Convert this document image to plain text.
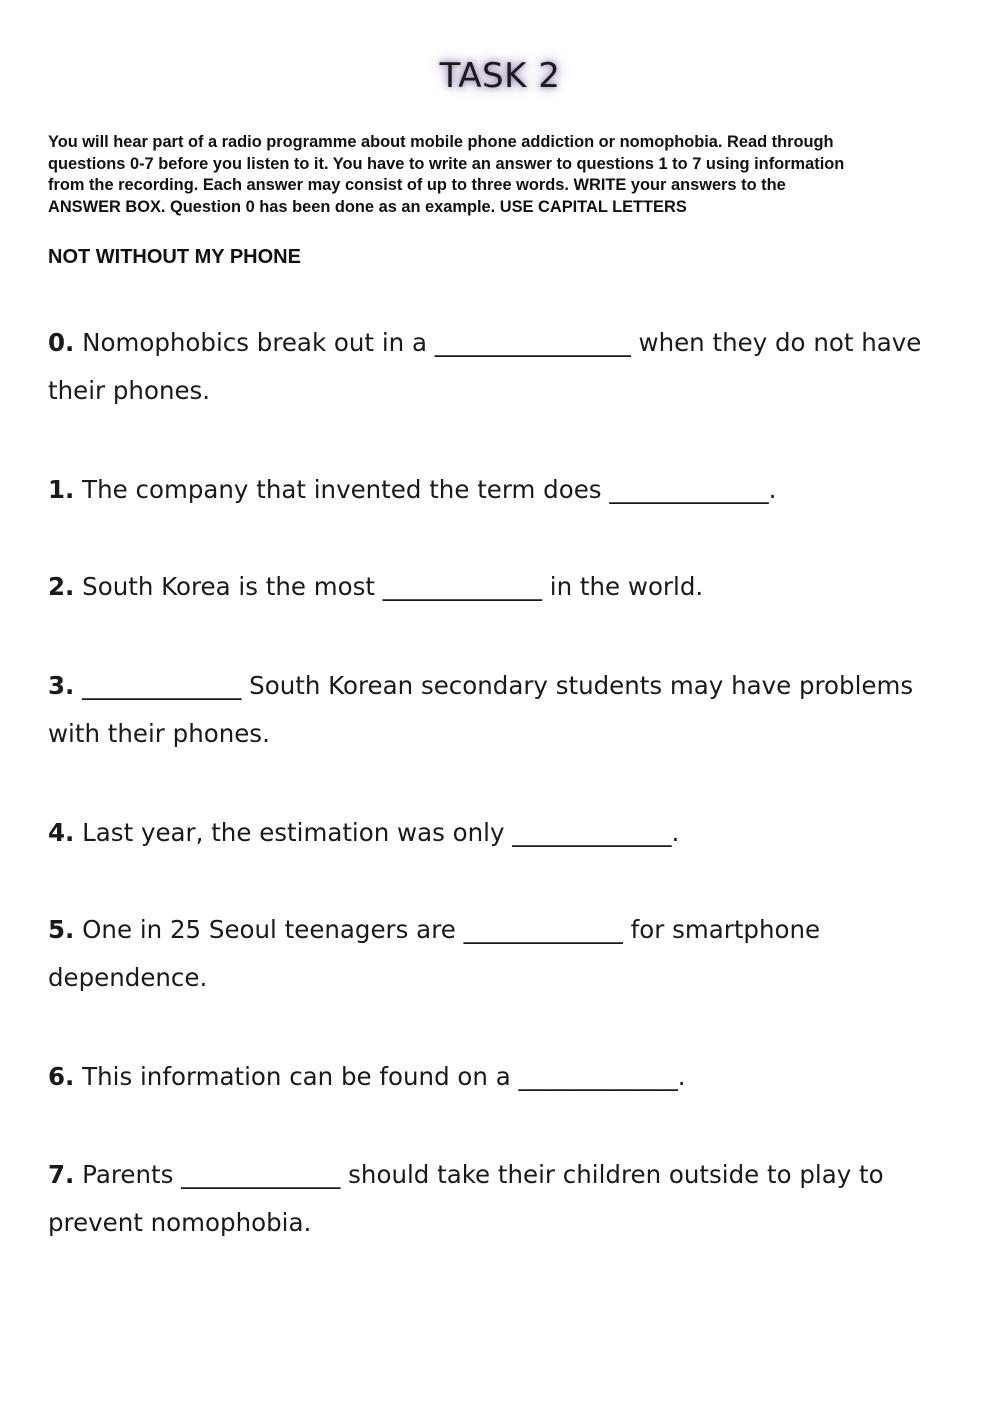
TASK 2
You will hear part of a radio programme about mobile phone addiction or nomophobia. Read through
questions 0-7 before you listen to it. You have to write an answer to questions 1 to 7 using information
from the recording. Each answer may consist of up to three words. WRITE your answers to the
ANSWER BOX. Question 0 has been done as an example. USE CAPITAL LETTERS
NOT WITHOUT MY PHONE
0. Nomophobics break out in a ________________ when they do not have their phones.
1. The company that invented the term does _____________.
2. South Korea is the most _____________ in the world.
3. _____________ South Korean secondary students may have problems with their phones.
4. Last year, the estimation was only _____________.
5. One in 25 Seoul teenagers are _____________ for smartphone dependence.
6. This information can be found on a _____________.
7. Parents _____________ should take their children outside to play to prevent nomophobia.
